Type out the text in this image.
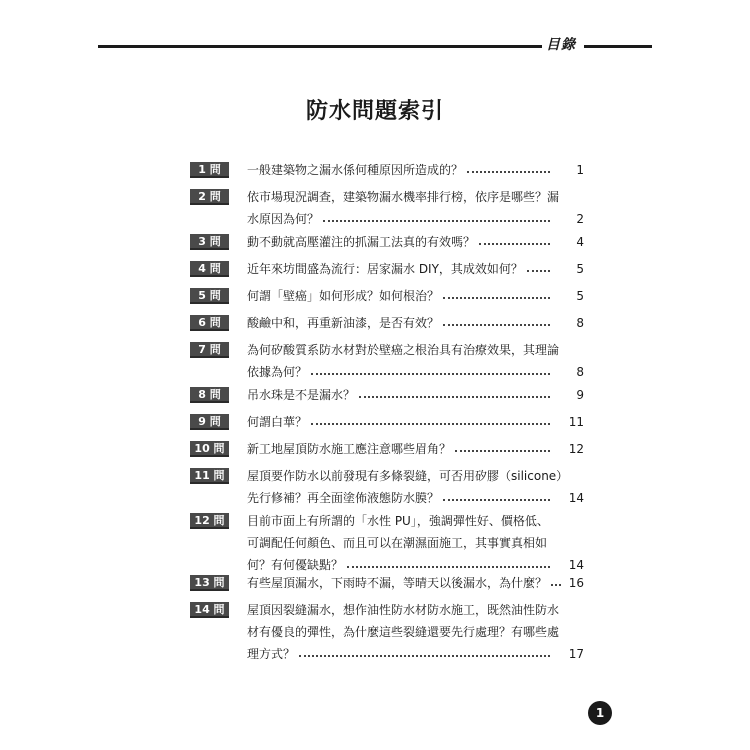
目錄
防水問題索引
1 問	一般建築物之漏水係何種原因所造成的？	1
2 問	依市場現況調查，建築物漏水機率排行榜，依序是哪些？漏
水原因為何？	2
3 問	動不動就高壓灌注的抓漏工法真的有效嗎？	4
4 問	近年來坊間盛為流行：居家漏水 DIY，其成效如何？	5
5 問	何謂「壁癌」如何形成？如何根治？	5
6 問	酸鹼中和，再重新油漆，是否有效？	8
7 問	為何矽酸質系防水材對於壁癌之根治具有治療效果，其理論
依據為何？	8
8 問	吊水珠是不是漏水？	9
9 問	何謂白華？	11
10 問	新工地屋頂防水施工應注意哪些眉角？	12
11 問	屋頂要作防水以前發現有多條裂縫，可否用矽膠（silicone）
先行修補？再全面塗佈液態防水膜？	14
12 問	目前市面上有所謂的「水性 PU」，強調彈性好、價格低、
可調配任何顏色、而且可以在潮濕面施工，其事實真相如
何？有何優缺點？	14
13 問	有些屋頂漏水，下雨時不漏，等晴天以後漏水，為什麼？	16
14 問	屋頂因裂縫漏水，想作油性防水材防水施工，既然油性防水
材有優良的彈性，為什麼這些裂縫還要先行處理？有哪些處
理方式？	17
1
